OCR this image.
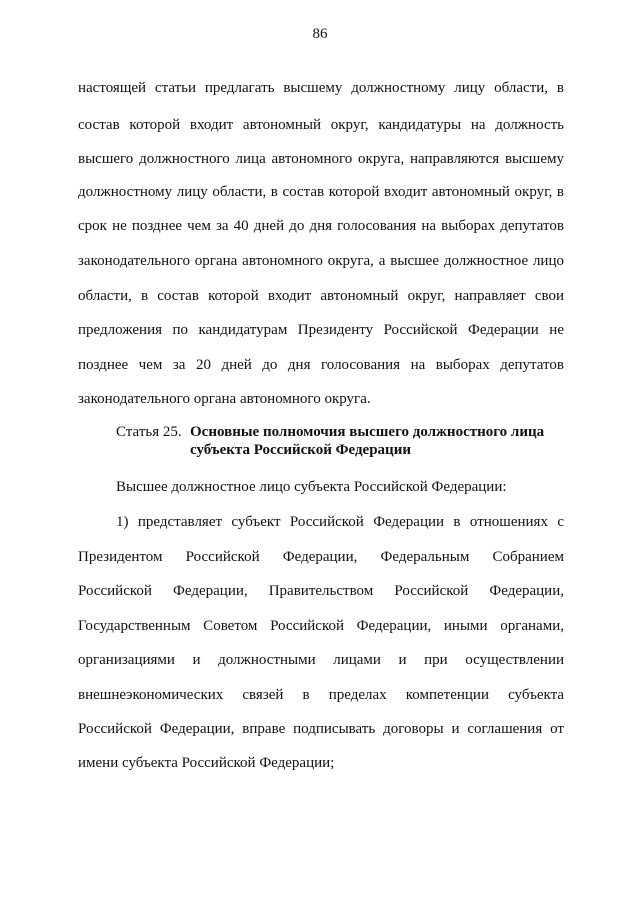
86
настоящей статьи предлагать высшему должностному лицу области, в
состав которой входит автономный округ, кандидатуры на должность
высшего должностного лица автономного округа, направляются высшему
должностному лицу области, в состав которой входит автономный округ, в
срок не позднее чем за 40 дней до дня голосования на выборах депутатов
законодательного органа автономного округа, а высшее должностное лицо
области, в состав которой входит автономный округ, направляет свои
предложения по кандидатурам Президенту Российской Федерации не
позднее чем за 20 дней до дня голосования на выборах депутатов
законодательного органа автономного округа.
Статья 25. Основные полномочия высшего должностного лица
субъекта Российской Федерации
Высшее должностное лицо субъекта Российской Федерации:
1) представляет субъект Российской Федерации в отношениях с
Президентом Российской Федерации, Федеральным Собранием
Российской Федерации, Правительством Российской Федерации,
Государственным Советом Российской Федерации, иными органами,
организациями и должностными лицами и при осуществлении
внешнеэкономических связей в пределах компетенции субъекта
Российской Федерации, вправе подписывать договоры и соглашения от
имени субъекта Российской Федерации;
